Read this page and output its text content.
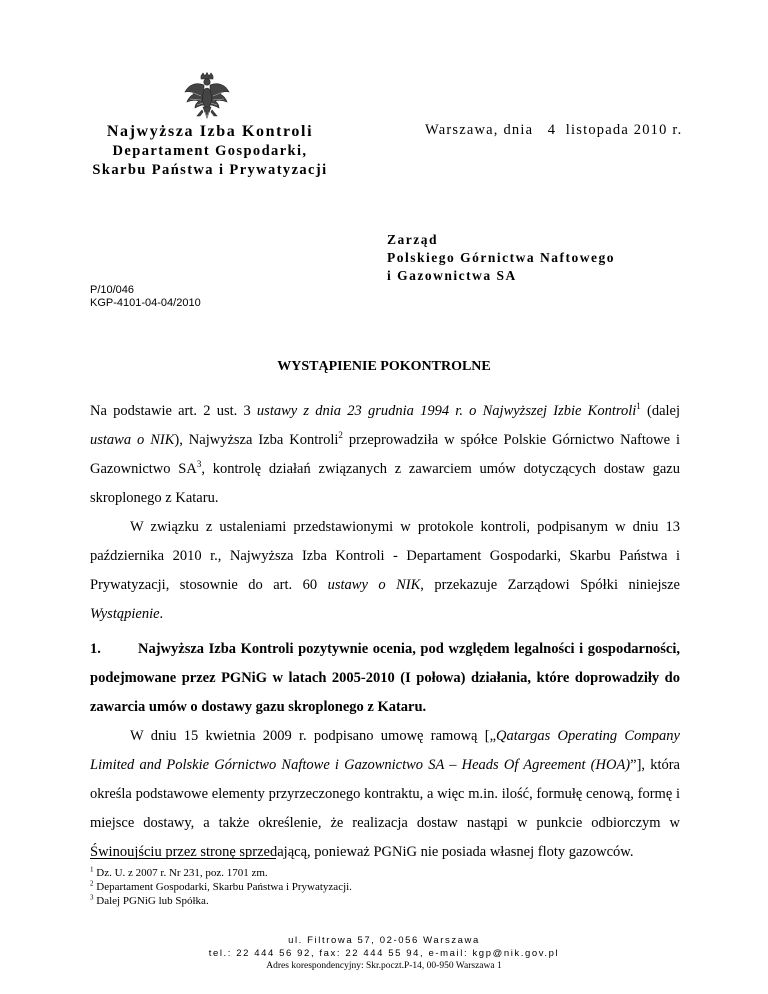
Najwyższa Izba Kontroli
Departament Gospodarki,
Skarbu Państwa i Prywatyzacji
Warszawa, dnia   4  listopada 2010 r.
Zarząd
Polskiego Górnictwa Naftowego
i Gazownictwa SA
P/10/046
KGP-4101-04-04/2010
WYSTĄPIENIE POKONTROLNE

Na podstawie art. 2 ust. 3 ustawy z dnia 23 grudnia 1994 r. o Najwyższej Izbie Kontroli$^1$ (dalej ustawa o NIK), Najwyższa Izba Kontroli$^2$ przeprowadziła w spółce Polskie Górnictwo Naftowe i Gazownictwo $SA^3$, kontrolę działań związanych z zawarciem umów dotyczących dostaw gazu skroplonego z Kataru.

W związku z ustaleniami przedstawionymi w protokole kontroli, podpisanym w dniu 13 października 2010 r., Najwyższa Izba Kontroli - Departament Gospodarki, Skarbu Państwa i Prywatyzacji, stosownie do art. 60 ustawy o NIK, przekazuje Zarządowi Spółki niniejsze Wystąpienie.

1.	Najwyższa Izba Kontroli pozytywnie ocenia, pod względem legalności i gospodarności, podejmowane przez PGNiG w latach 2005-2010 (I połowa) działania, które doprowadziły do zawarcia umów o dostawy gazu skroplonego z Kataru.

W dniu 15 kwietnia 2009 r. podpisano umowę ramową [„Qatargas Operating Company Limited and Polskie Górnictwo Naftowe i Gazownictwo SA – Heads Of Agreement (HOA)”], która określa podstawowe elementy przyrzeczonego kontraktu, a więc m.in. ilość, formułę cenową, formę i miejsce dostawy, a także określenie, że realizacja dostaw nastąpi w punkcie odbiorczym w Świnoujściu przez stronę sprzedającą, ponieważ PGNiG nie posiada własnej floty gazowców.

$^1$ Dz. U. z 2007 r. Nr 231, poz. 1701 zm.
$^2$ Departament Gospodarki, Skarbu Państwa i Prywatyzacji.
$^3$ Dalej PGNiG lub Spółka.
ul. Filtrowa 57, 02-056 Warszawa
tel.: 22 444 56 92, fax: 22 444 55 94, e-mail: kgp@nik.gov.pl
Adres korespondencyjny: Skr.poczt.P-14, 00-950 Warszawa 1
